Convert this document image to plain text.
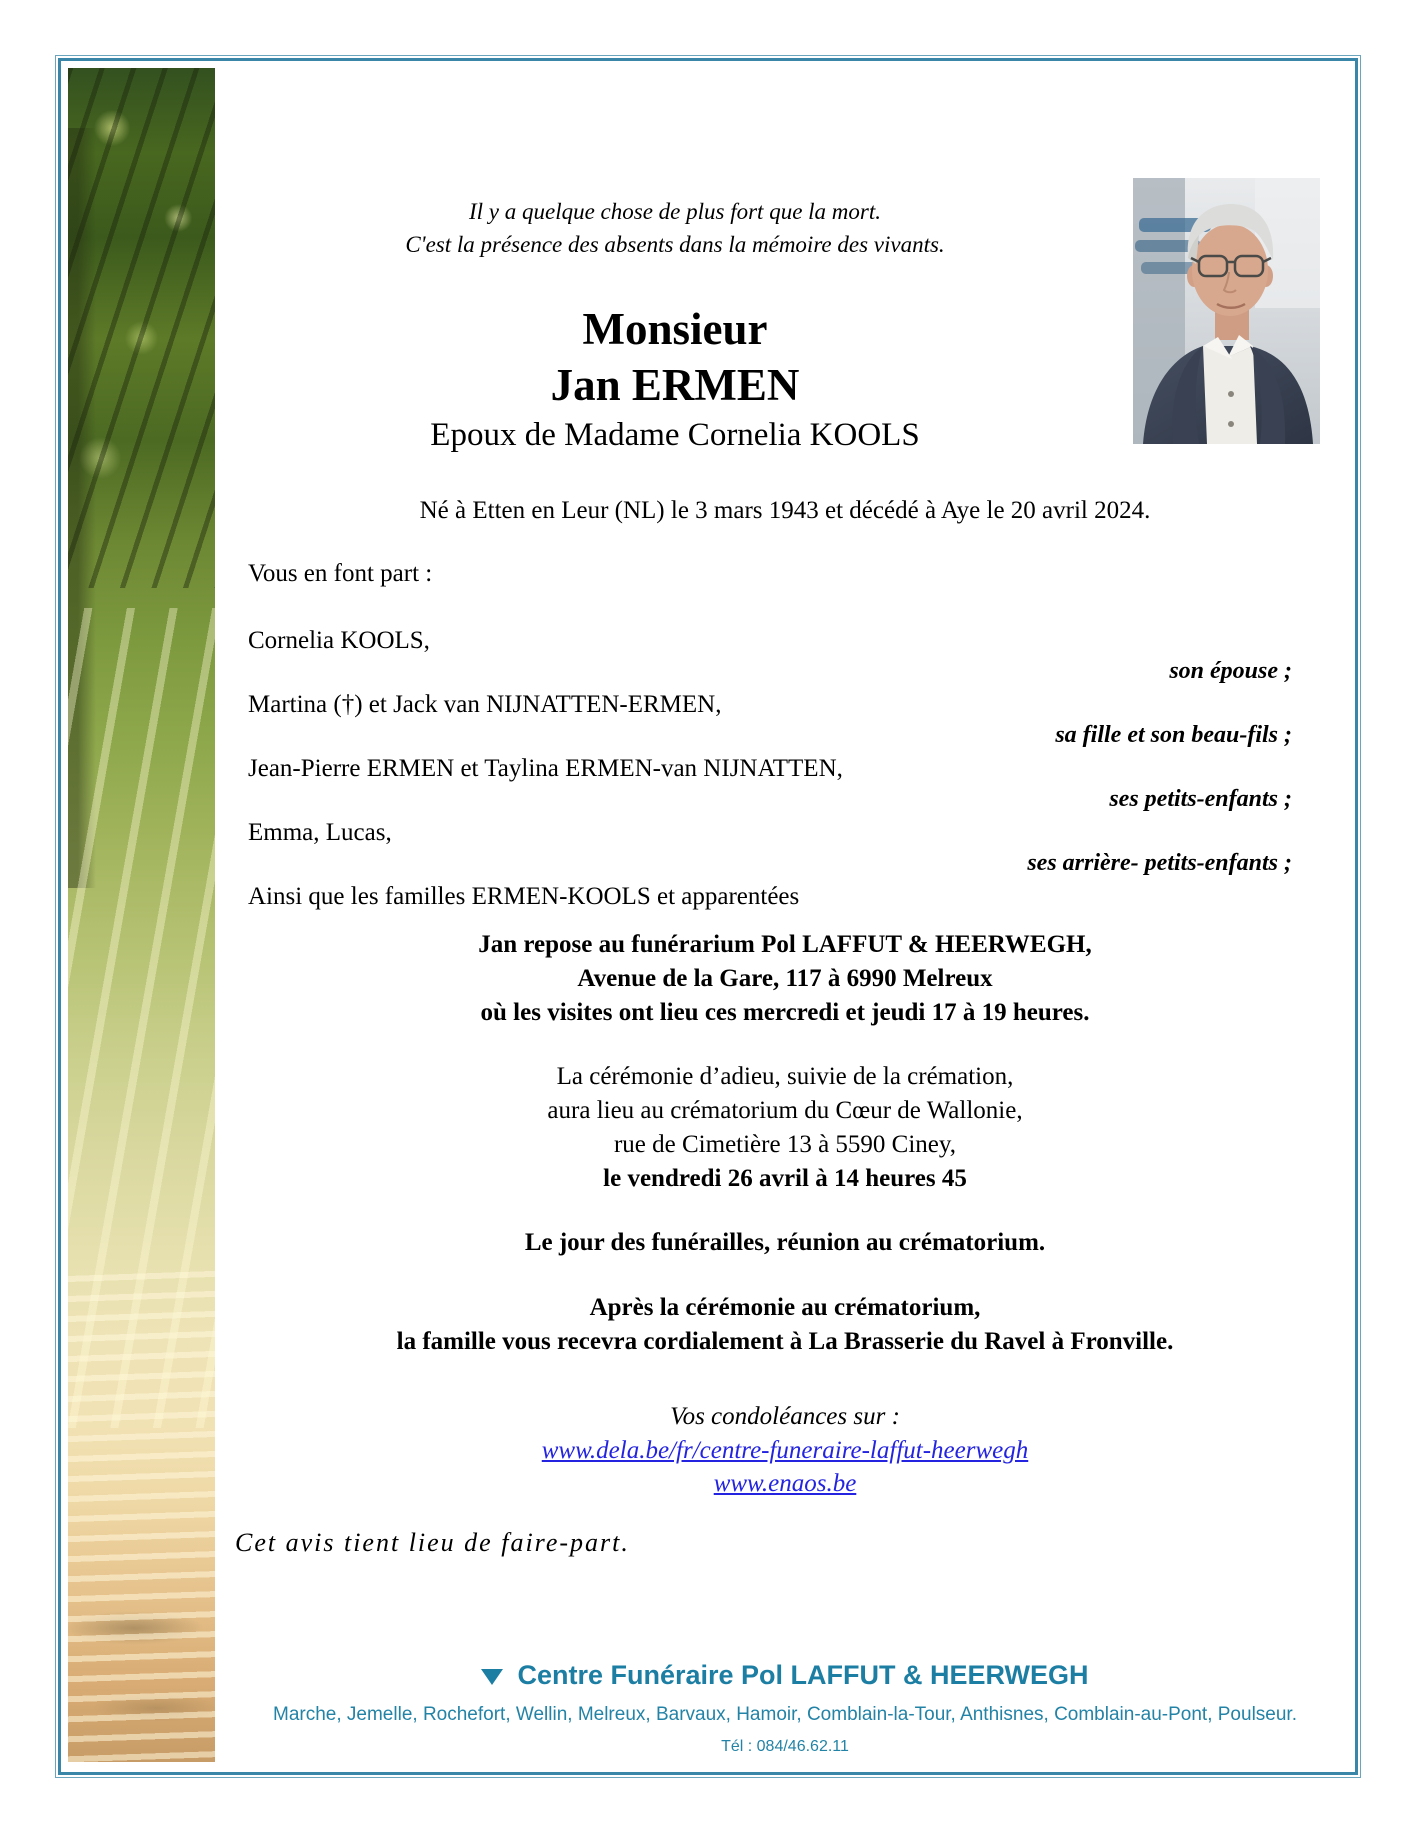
Il y a quelque chose de plus fort que la mort.
C'est la présence des absents dans la mémoire des vivants.
Monsieur
Jan ERMEN
Epoux de Madame Cornelia KOOLS
Né à Etten en Leur (NL) le 3 mars 1943 et décédé à Aye le 20 avril 2024.
Vous en font part :
Cornelia KOOLS,
son épouse ;
Martina (†) et Jack van NIJNATTEN-ERMEN,
sa fille et son beau-fils ;
Jean-Pierre ERMEN et Taylina ERMEN-van NIJNATTEN,
ses petits-enfants ;
Emma, Lucas,
ses arrière- petits-enfants ;
Ainsi que les familles ERMEN-KOOLS et apparentées
Jan repose au funérarium Pol LAFFUT & HEERWEGH,
Avenue de la Gare, 117 à 6990 Melreux
où les visites ont lieu ces mercredi et jeudi 17 à 19 heures.
La cérémonie d’adieu, suivie de la crémation,
aura lieu au crématorium du Cœur de Wallonie,
rue de Cimetière 13 à 5590 Ciney,
le vendredi 26 avril à 14 heures 45
Le jour des funérailles, réunion au crématorium.
Après la cérémonie au crématorium,
la famille vous recevra cordialement à La Brasserie du Ravel à Fronville.
Vos condoléances sur :
www.dela.be/fr/centre-funeraire-laffut-heerwegh
www.enaos.be
Cet avis tient lieu de faire-part.
Centre Funéraire Pol LAFFUT & HEERWEGH
Marche, Jemelle, Rochefort, Wellin, Melreux, Barvaux, Hamoir, Comblain-la-Tour, Anthisnes, Comblain-au-Pont, Poulseur.
Tél : 084/46.62.11
